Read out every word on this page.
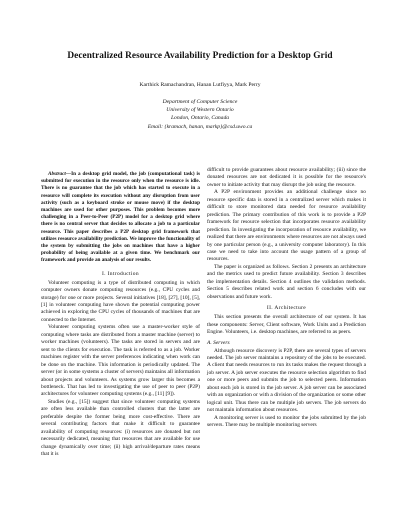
Decentralized Resource Availability Prediction for a Desktop Grid
Karthick Ramachandran, Hanan Lutfiyya, Mark Perry
Department of Computer Science
University of Western Ontario
London, Ontario, Canada
Email: {kramach, hanan, markp}@csd.uwo.ca

Abstract—In a desktop grid model, the job (computational task) is submitted for execution in the resource only when the resource is idle. There is no guarantee that the job which has started to execute in a resource will complete its execution without any disruption from user activity (such as a keyboard stroke or mouse move) if the desktop machines are used for other purposes. This problem becomes more challenging in a Peer-to-Peer (P2P) model for a desktop grid where there is no central server that decides to allocate a job to a particular resource. This paper describes a P2P desktop grid framework that utilizes resource availability prediction. We improve the functionality of the system by submitting the jobs on machines that have a higher probability of being available at a given time. We benchmark our framework and provide an analysis of our results.

I. Introduction

Volunteer computing is a type of distributed computing in which computer owners donate computing resources (e.g., CPU cycles and storage) for one or more projects. Several initiatives [18], [27], [10], [5], [1] in volunteer computing have shown the potential computing power achieved in exploring the CPU cycles of thousands of machines that are connected to the Internet.

Volunteer computing systems often use a master-worker style of computing where tasks are distributed from a master machine (server) to worker machines (volunteers). The tasks are stored in servers and are sent to the clients for execution. The task is referred to as a job. Worker machines register with the server preferences indicating when work can be done on the machine. This information is periodically updated. The server (or in some systems a cluster of servers) maintains all information about projects and volunteers. As systems grow larger this becomes a bottleneck. That has led to investigating the use of peer to peer (P2P) architectures for volunteer computing systems (e.g., [11] [9]).

Studies (e.g., [15]) suggest that since volunteer computing systems are often less available than controlled clusters that the latter are preferable despite the former being more cost-effective. There are several contributing factors that make it difficult to guarantee availability of computing resources: (i) resources are donated but not necessarily dedicated, meaning that resources that are available for use change dynamically over time; (ii) high arrival/departure rates means that it is

difficult to provide guarantees about resource availability; (iii) since the donated resources are not dedicated it is possible for the resource's owner to initiate activity that may disrupt the job using the resource.

A P2P environment provides an additional challenge since no resource specific data is stored in a centralized server which makes it difficult to store monitored data needed for resource availability prediction. The primary contribution of this work is to provide a P2P framework for resource selection that incorporates resource availability prediction. In investigating the incorporation of resource availability, we realized that there are environments where resources are not always used by one particular person (e.g., a university computer laboratory). In this case we need to take into account the usage pattern of a group of resources.

The paper is organized as follows. Section 2 presents an architecture and the metrics used to predict future availability. Section 3 describes the implementation details. Section 4 outlines the validation methods. Section 5 describes related work and section 6 concludes with our observations and future work.

II. Architecture

This section presents the overall architecture of our system. It has these components: Server, Client software, Work Units and a Prediction Engine. Volunteers, i.e. desktop machines, are referred to as peers.

A. Servers

Although resource discovery is P2P, there are several types of servers needed. The job server maintains a repository of the jobs to be executed. A client that needs resources to run its tasks makes the request through a job server. A job server executes the resource selection algorithm to find one or more peers and submits the job to selected peers. Information about each job is stored in the job server. A job server can be associated with an organization or with a division of the organization or some other logical unit. Thus there can be multiple job servers. The job servers do not maintain information about resources.

A monitoring server is used to monitor the jobs submitted by the job servers. There may be multiple monitoring servers
